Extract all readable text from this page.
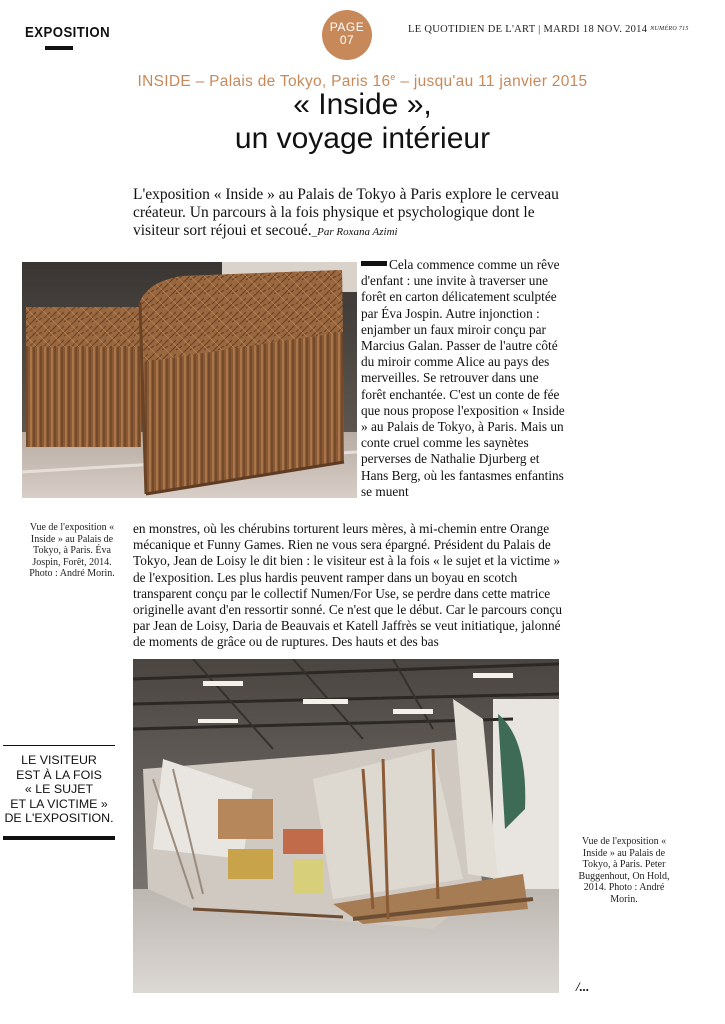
EXPOSITION	PAGE
07
LE QUOTIDIEN DE L'ART | MARDI 18 NOV. 2014 NUMÉRO 715
INSIDE – Palais de Tokyo, Paris 16e – jusqu'au 11 janvier 2015
« Inside »,
un voyage intérieur
L'exposition « Inside » au Palais de Tokyo à Paris explore le cerveau créateur. Un parcours à la fois physique et psychologique dont le visiteur sort réjoui et secoué._Par Roxana Azimi
Vue de l'exposition « Inside » au Palais de Tokyo, à Paris. Éva Jospin, Forêt, 2014. Photo : André Morin.
Cela commence comme un rêve d'enfant : une invite à traverser une forêt en carton délicatement sculptée par Éva Jospin. Autre injonction : enjamber un faux miroir conçu par Marcius Galan. Passer de l'autre côté du miroir comme Alice au pays des merveilles. Se retrouver dans une forêt enchantée. C'est un conte de fée que nous propose l'exposition « Inside » au Palais de Tokyo, à Paris. Mais un conte cruel comme les saynètes perverses de Nathalie Djurberg et Hans Berg, où les fantasmes enfantins se muent
en monstres, où les chérubins torturent leurs mères, à mi-chemin entre Orange mécanique et Funny Games. Rien ne vous sera épargné. Président du Palais de Tokyo, Jean de Loisy le dit bien : le visiteur est à la fois « le sujet et la victime » de l'exposition. Les plus hardis peuvent ramper dans un boyau en scotch transparent conçu par le collectif Numen/For Use, se perdre dans cette matrice originelle avant d'en ressortir sonné. Ce n'est que le début. Car le parcours conçu par Jean de Loisy, Daria de Beauvais et Katell Jaffrès se veut initiatique, jalonné de moments de grâce ou de ruptures. Des hauts et des bas
Vue de l'exposition « Inside » au Palais de Tokyo, à Paris. Peter Buggenhout, On Hold, 2014. Photo : André Morin.
LE VISITEUR
EST À LA FOIS
« LE SUJET
ET LA VICTIME »
DE L'EXPOSITION.
/...
